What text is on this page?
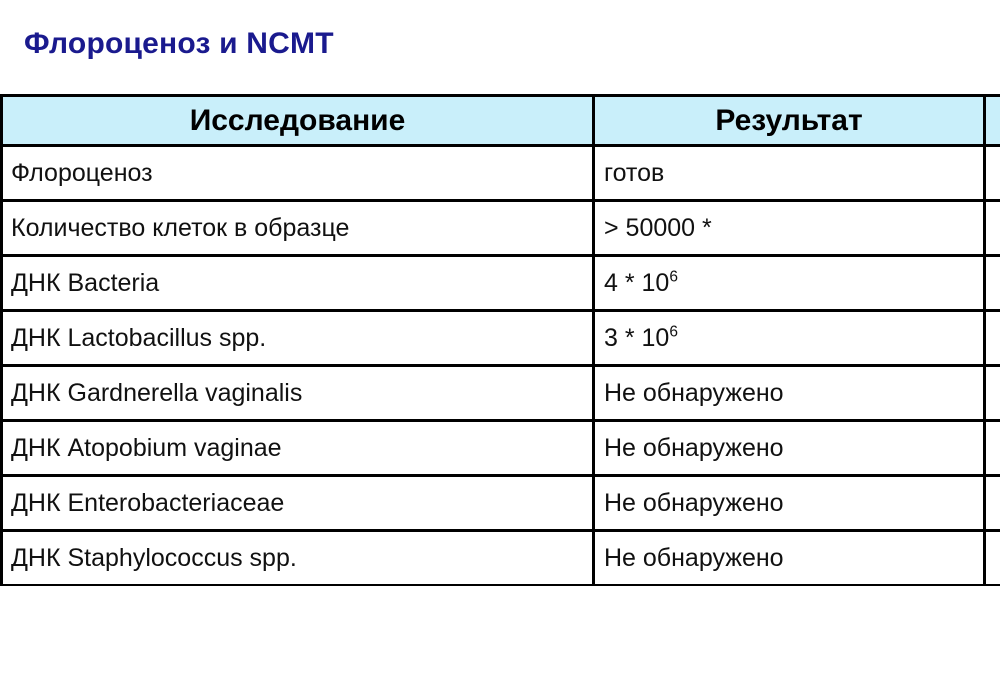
Флороценоз и NCMT
Исследование	Результат	

Флороценоз	готов	

Количество клеток в образце	> 50000 *	

ДНК Bacteria	$4 * 10^6$

ДНК Lactobacillus spp.	$3 * 10^6$

ДНК Gardnerella vaginalis	Не обнаружено	

ДНК Atopobium vaginae	Не обнаружено	

ДНК Enterobacteriaceae	Не обнаружено	

ДНК Staphylococcus spp.	Не обнаружено	
